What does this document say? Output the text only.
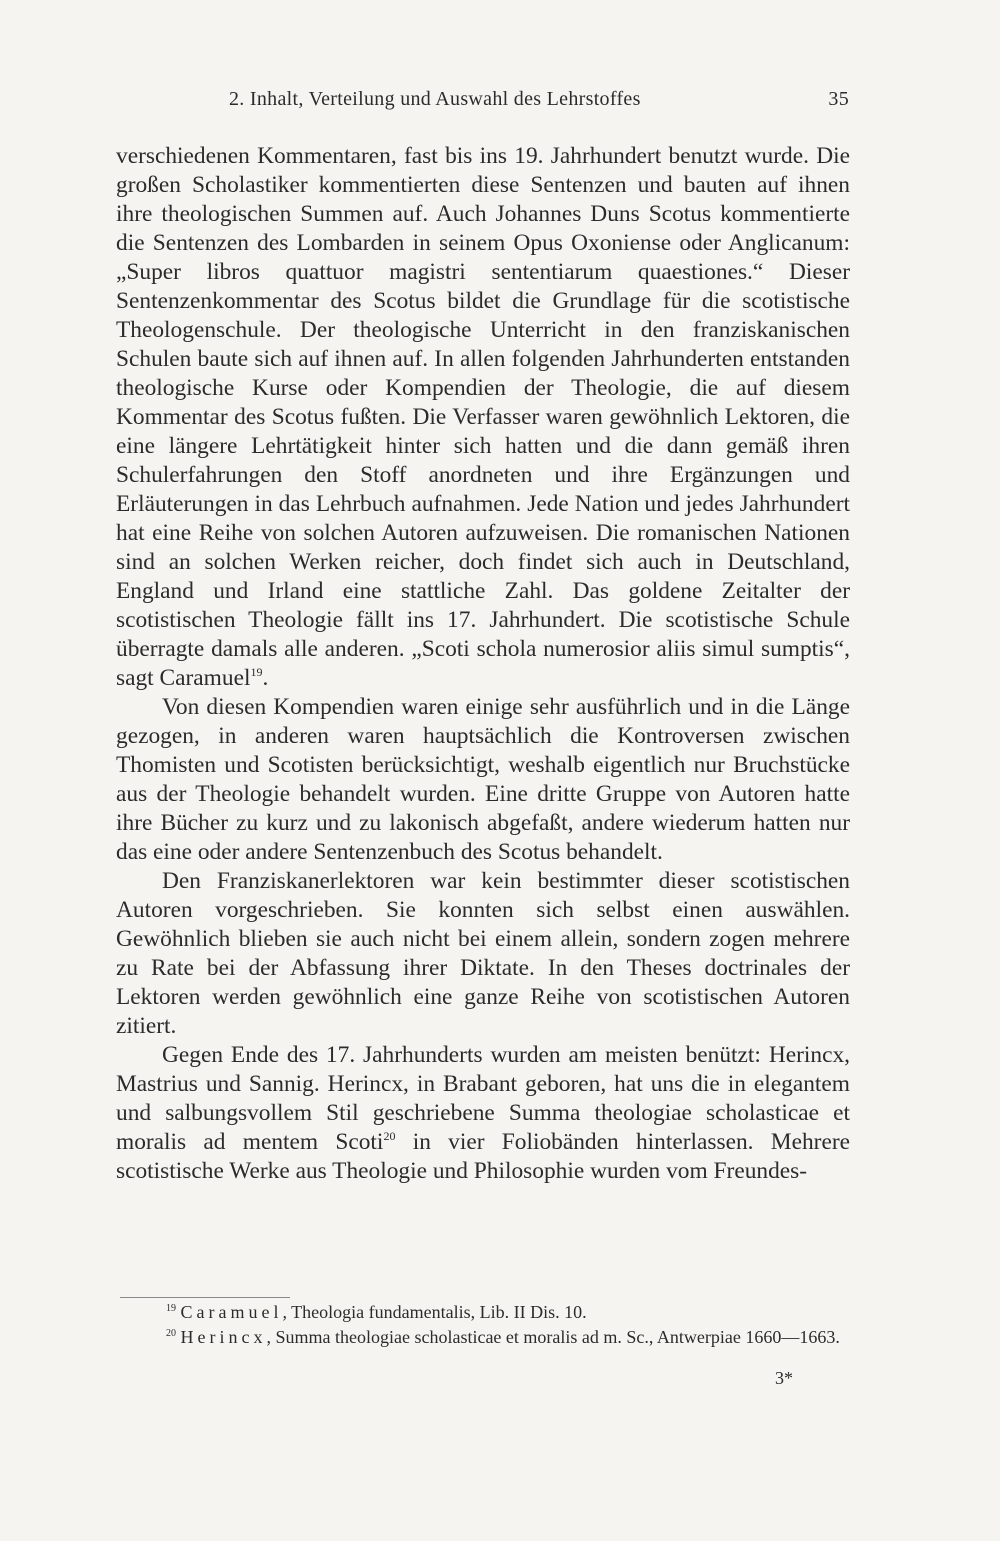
2. Inhalt, Verteilung und Auswahl des Lehrstoffes	35

verschiedenen Kommentaren, fast bis ins 19. Jahrhundert benutzt wurde. Die großen Scholastiker kommentierten diese Sentenzen und bauten auf ihnen ihre theologischen Summen auf. Auch Johannes Duns Scotus kommentierte die Sentenzen des Lombarden in seinem Opus Oxoniense oder Anglicanum: „Super libros quattuor magistri sententiarum quaestiones.“ Dieser Sentenzenkommentar des Scotus bildet die Grundlage für die scotistische Theologenschule. Der theologische Unterricht in den franziskanischen Schulen baute sich auf ihnen auf. In allen folgenden Jahrhunderten entstanden theologische Kurse oder Kompendien der Theologie, die auf diesem Kommentar des Scotus fußten. Die Verfasser waren gewöhnlich Lektoren, die eine längere Lehrtätigkeit hinter sich hatten und die dann gemäß ihren Schulerfahrungen den Stoff anordneten und ihre Ergänzungen und Erläuterungen in das Lehrbuch aufnahmen. Jede Nation und jedes Jahrhundert hat eine Reihe von solchen Autoren aufzuweisen. Die romanischen Nationen sind an solchen Werken reicher, doch findet sich auch in Deutschland, England und Irland eine stattliche Zahl. Das goldene Zeitalter der scotistischen Theologie fällt ins 17. Jahrhundert. Die scotistische Schule überragte damals alle anderen. „Scoti schola numerosior aliis simul sumptis“, sagt Caramuel$^{19}$.

Von diesen Kompendien waren einige sehr ausführlich und in die Länge gezogen, in anderen waren hauptsächlich die Kontroversen zwischen Thomisten und Scotisten berücksichtigt, weshalb eigentlich nur Bruchstücke aus der Theologie behandelt wurden. Eine dritte Gruppe von Autoren hatte ihre Bücher zu kurz und zu lakonisch abgefaßt, andere wiederum hatten nur das eine oder andere Sentenzenbuch des Scotus behandelt.

Den Franziskanerlektoren war kein bestimmter dieser scotistischen Autoren vorgeschrieben. Sie konnten sich selbst einen auswählen. Gewöhnlich blieben sie auch nicht bei einem allein, sondern zogen mehrere zu Rate bei der Abfassung ihrer Diktate. In den Theses doctrinales der Lektoren werden gewöhnlich eine ganze Reihe von scotistischen Autoren zitiert.

Gegen Ende des 17. Jahrhunderts wurden am meisten benützt: Herincx, Mastrius und Sannig. Herincx, in Brabant geboren, hat uns die in elegantem und salbungsvollem Stil geschriebene Summa theologiae scholasticae et moralis ad mentem Scoti$^{20}$ in vier Foliobänden hinterlassen. Mehrere scotistische Werke aus Theologie und Philosophie wurden vom Freundes-

$^{19}$ Caramuel, Theologia fundamentalis, Lib. II Dis. 10.

$^{20}$ Herincx, Summa theologiae scholasticae et moralis ad m. Sc., Antwerpiae 1660—1663.

3*
